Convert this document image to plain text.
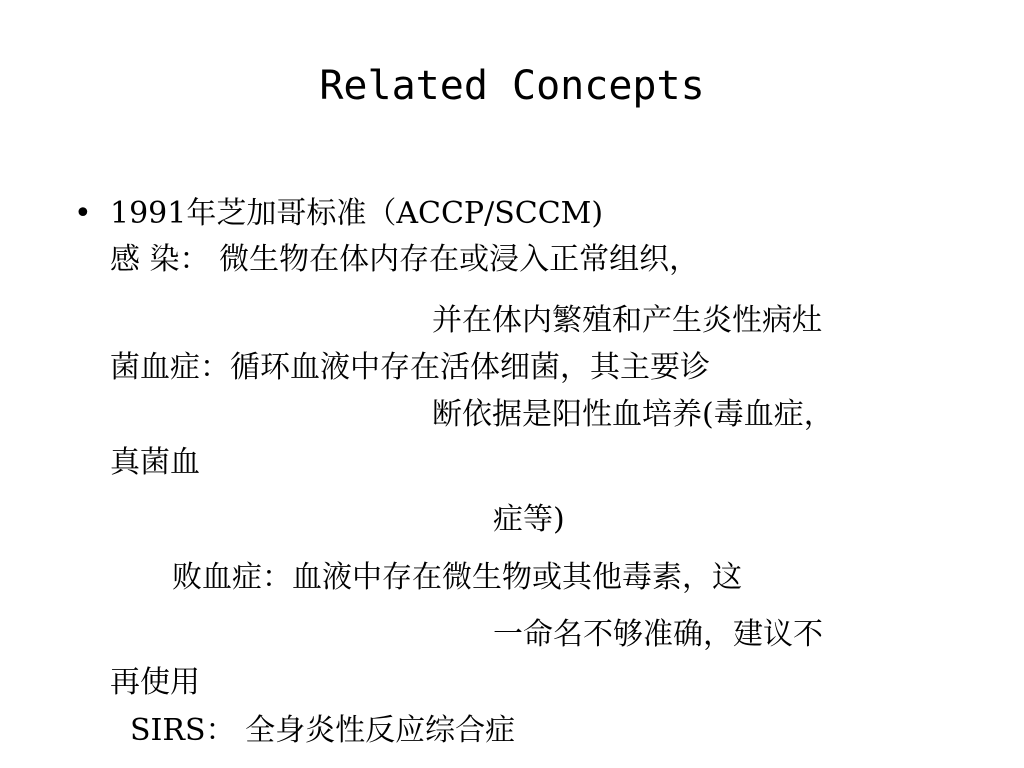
Related Concepts
• 1991年芝加哥标准（ACCP/SCCM)
感 染： 微生物在体内存在或浸入正常组织，
并在体内繁殖和产生炎性病灶
菌血症：循环血液中存在活体细菌，其主要诊
断依据是阳性血培养(毒血症，
真菌血
症等)
败血症：血液中存在微生物或其他毒素，这
一命名不够准确，建议不
再使用
SIRS： 全身炎性反应综合症
